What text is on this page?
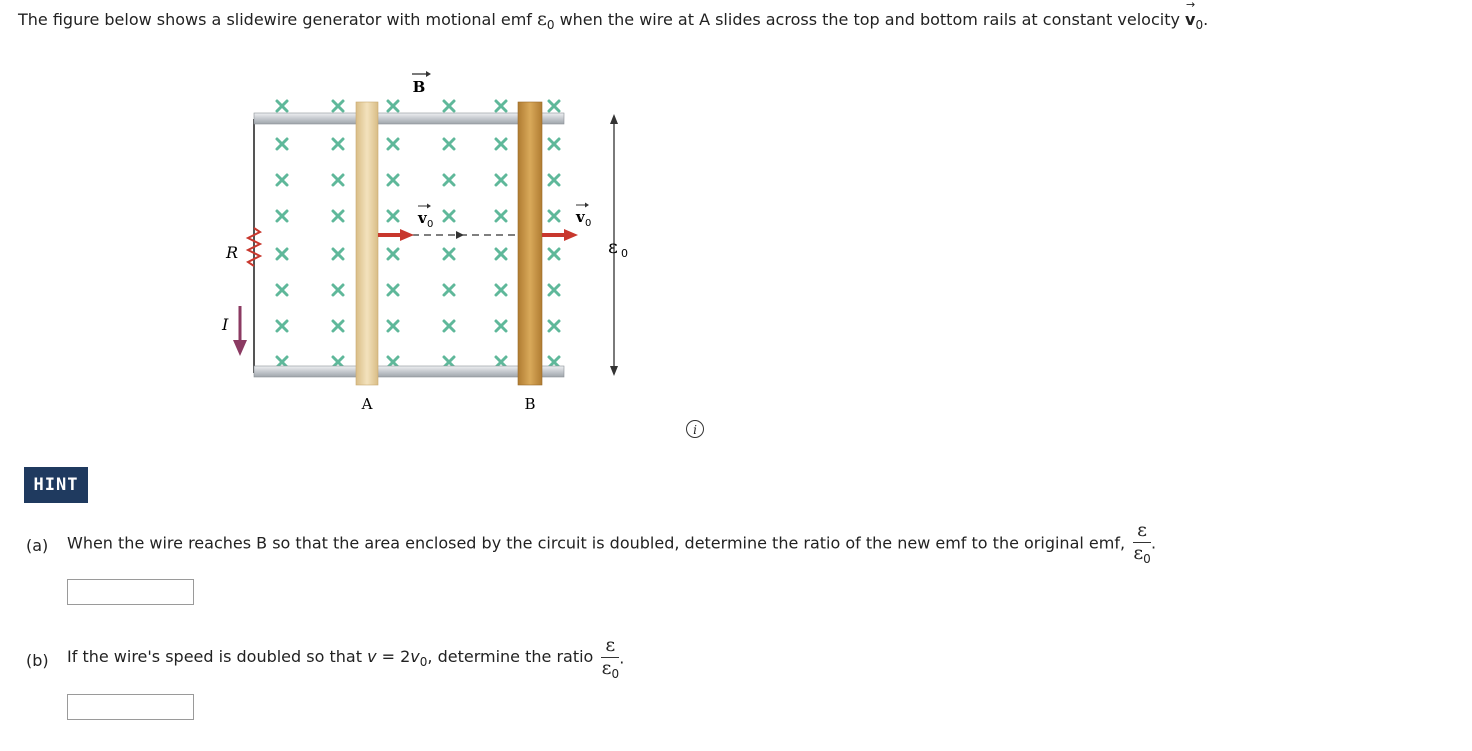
The figure below shows a slidewire generator with motional emf $\varepsilon_0$ when the wire at A slides across the top and bottom rails at constant velocity → $v_0$.
B
R
I
v 0	v 0
ε 0
A	B
i
HINT
(a) When the wire reaches B so that the area enclosed by the circuit is doubled, determine the ratio of the new emf to the original emf, $\frac{\varepsilon}{\varepsilon_0}$ .
(b) If the wire's speed is doubled so that $v = 2v_0$, determine the ratio $\frac{\varepsilon}{\varepsilon_0}$ .
